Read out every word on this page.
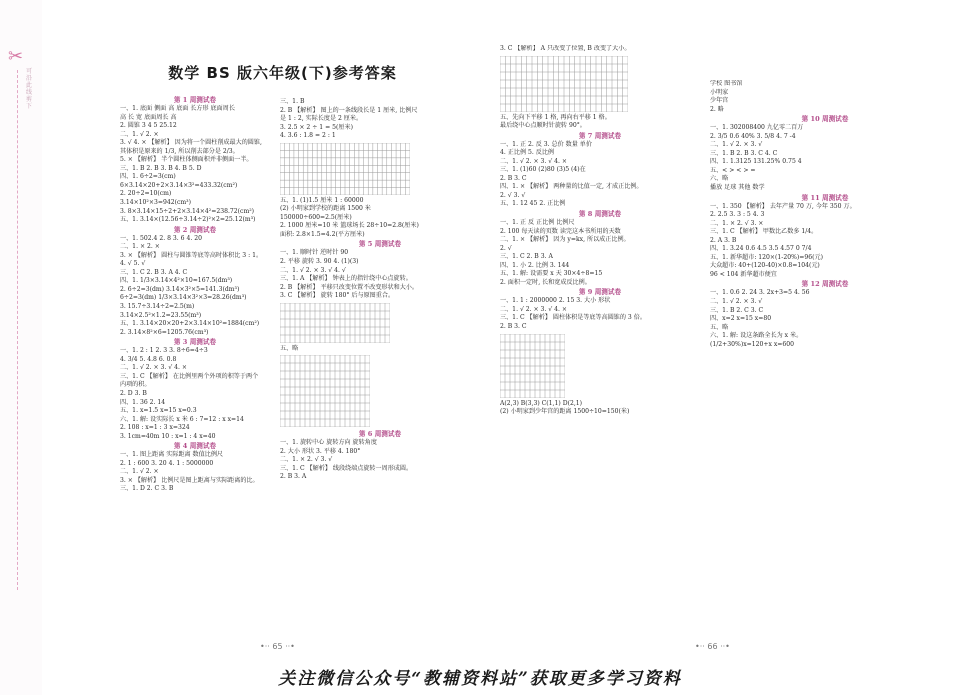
✂
可沿此线剪下
数学 BS 版六年级(下)参考答案
第 1 周测试卷
一、1. 底面 侧面 高 底面 长方形 底面周长
高 长 宽 底面周长 高
2. 圆锥 3 4 5 25.12
二、1. √ 2. ×
3. √ 4. × 【解析】 因为将一个圆柱削成最大的圆锥,
其体积是原来的 1/3, 所以削去部分是 2/3。
5. × 【解析】 半个圆柱体侧面积并非侧面一半。
三、1. B 2. B 3. B 4. B 5. D
四、1. 6÷2=3(cm)
6×3.14×20+2×3.14×3²=433.32(cm²)
2. 20÷2=10(cm)
3.14×10²×3=942(cm³)
3. 8×3.14×15÷2+2×3.14×4²=238.72(cm²)
五、1. 3.14×(12.56÷3.14÷2)²×2=25.12(m³)
第 2 周测试卷
一、1. 502.4 2. 8 3. 6 4. 20
二、1. × 2. ×
3. × 【解析】 圆柱与圆锥等底等高时体积比 3 : 1。
4. √ 5. √
三、1. C 2. B 3. A 4. C
四、1. 1/3×3.14×4²×10≈167.5(dm³)
2. 6÷2=3(dm) 3.14×3²×5=141.3(dm³)
6÷2=3(dm) 1/3×3.14×3²×3=28.26(dm³)
3. 15.7÷3.14÷2=2.5(m)
3.14×2.5²×1.2=23.55(m³)
五、1. 3.14×20×20+2×3.14×10²=1884(cm²)
2. 3.14×8²×6=1205.76(cm³)
第 3 周测试卷
一、1. 2 : 1 2. 3 3. 8÷6=4÷3
4. 3/4 5. 4.8 6. 0.8
二、1. √ 2. × 3. √ 4. ×
三、1. C 【解析】 在比例里两个外项的积等于两个
内项的积。
2. D 3. B
四、1. 36 2. 14
五、1. x=1.5 x=15 x=0.3
六、1. 解: 设实际长 x 米 6 : 7=12 : x x=14
2. 108 : x=1 : 3 x=324
3. 1cm=40m 10 : x=1 : 4 x=40
第 4 周测试卷
一、1. 图上距离 实际距离 数值比例尺
2. 1 : 600 3. 20 4. 1 : 5000000
二、1. √ 2. ×
3. × 【解析】 比例尺是图上距离与实际距离的比。
三、1. D 2. C 3. B
三、1. B
2. B 【解析】 图上的一条线段长是 1 厘米, 比例尺
是 1 : 2, 实际长度是 2 厘米。
3. 2.5 × 2 ÷ 1 = 5(厘米)
4. 3.6 : 1.8 = 2 : 1
五、1. (1)1.5 厘米 1 : 60000
(2) 小明家到学校的距离 1500 米
150000÷600=2.5(厘米)
2. 1000 厘米=10 米 篮球场长 28÷10=2.8(厘米)
面积: 2.8×1.5=4.2(平方厘米)
第 5 周测试卷
一、1. 顺时针 逆时针 90
2. 平移 旋转 3. 90 4. (1)(3)
二、1. √ 2. × 3. √ 4. √
三、1. A 【解析】 钟表上的指针绕中心点旋转。
2. B 【解析】 平移只改变位置不改变形状和大小。
3. C 【解析】 旋转 180° 后与原图重合。
五、略
第 6 周测试卷
一、1. 旋转中心 旋转方向 旋转角度
2. 大小 形状 3. 平移 4. 180°
二、1. × 2. √ 3. √
三、1. C 【解析】 线段绕端点旋转一周形成圆。
2. B 3. A
3. C 【解析】 A 只改变了位置, B 改变了大小。
五、先向下平移 1 格, 再向右平移 1 格。
最后绕中心点顺时针旋转 90°。
第 7 周测试卷
一、1. 正 2. 反 3. 总价 数量 单价
4. 正比例 5. 反比例
二、1. √ 2. × 3. √ 4. ×
三、1. (1)60 (2)80 (3)5 (4)在
2. B 3. C
四、1. × 【解析】 两种量的比值一定, 才成正比例。
2. √ 3. √
五、1. 12 45 2. 正比例
第 8 周测试卷
一、1. 正 反 正比例 比例尺
2. 100 每天读的页数 读完这本书所用的天数
二、1. × 【解析】 因为 y=kx, 所以成正比例。
2. √
三、1. C 2. B 3. A
四、1. 小 2. 比例 3. 144
五、1. 解: 设需要 x 天 30×4÷8=15
2. 面积一定时, 长和宽成反比例。
第 9 周测试卷
一、1. 1 : 2000000 2. 15 3. 大小 形状
二、1. √ 2. × 3. √ 4. ×
三、1. C 【解析】 圆柱体积是等底等高圆锥的 3 倍。
2. B 3. C
A(2,3) B(3,3) C(1,1) D(2,1)
(2) 小明家到少年宫的距离 1500÷10=150(米)
学校 图书馆
小明家
少年宫
2. 略
第 10 周测试卷
一、1. 302008400 九亿零二百万
2. 3/5 0.6 40% 3. 5/8 4. 7 -4
二、1. √ 2. × 3. √
三、1. B 2. B 3. C 4. C
四、1. 1.3125 131.25% 0.75 4
五、< > < > =
六、略
播放 足球 其他 数学
第 11 周测试卷
一、1. 350 【解析】 去年产量 70 万, 今年 350 万。
2. 2.5 3. 3 : 5 4. 3
二、1. × 2. √ 3. ×
三、1. C 【解析】 甲数比乙数多 1/4。
2. A 3. B
四、1. 3.24 0.6 4.5 3.5 4.57 0 7/4
五、1. 新华超市: 120×(1-20%)=96(元)
大众超市: 40+(120-40)×0.8=104(元)
96 < 104 新华超市便宜
第 12 周测试卷
一、1. 0.6 2. 24 3. 2x+3=5 4. 56
二、1. √ 2. × 3. √
三、1. B 2. C 3. C
四、x=2 x=15 x=80
五、略
六、1. 解: 设这条路全长为 x 米。
(1/2+30%)x=120+x x=600
•·· 65 ··•	•·· 66 ··•
关注微信公众号“教辅资料站”获取更多学习资料
